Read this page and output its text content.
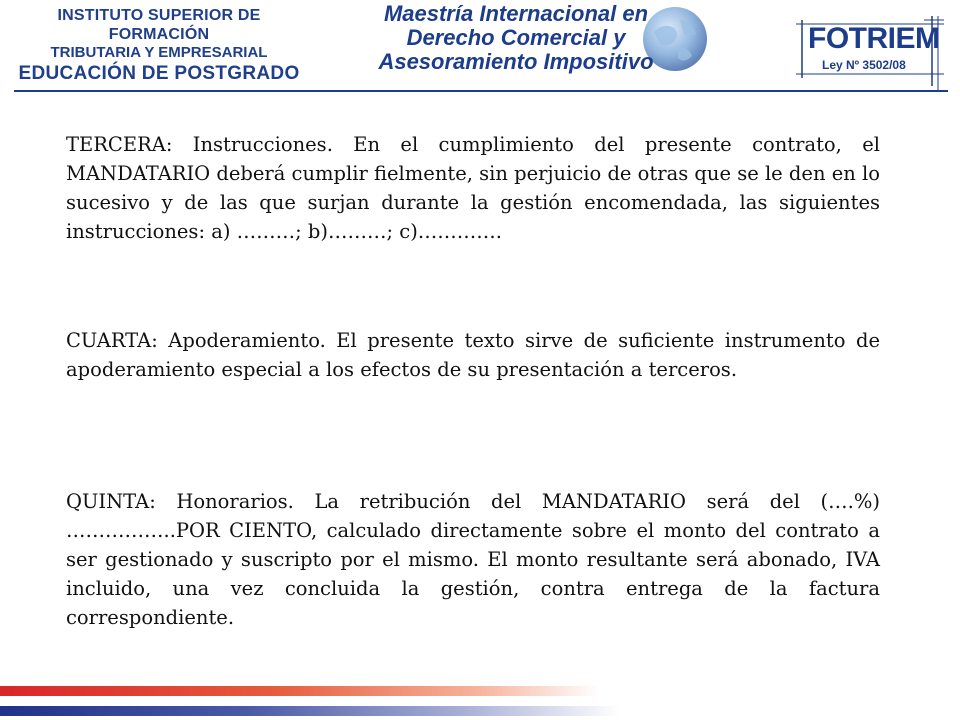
INSTITUTO SUPERIOR DE FORMACIÓN
TRIBUTARIA Y EMPRESARIAL
EDUCACIÓN DE POSTGRADO
Maestría Internacional en
Derecho Comercial y
Asesoramiento Impositivo
FOTRIEM
Ley Nº 3502/08

TERCERA: Instrucciones. En el cumplimiento del presente contrato, el MANDATARIO deberá cumplir fielmente, sin perjuicio de otras que se le den en lo sucesivo y de las que surjan durante la gestión encomendada, las siguientes instrucciones: a) ………; b)………; c)………….

CUARTA: Apoderamiento. El presente texto sirve de suficiente instrumento de apoderamiento especial a los efectos de su presentación a terceros.

QUINTA: Honorarios. La retribución del MANDATARIO será del (….%) ……………..POR CIENTO, calculado directamente sobre el monto del contrato a ser gestionado y suscripto por el mismo. El monto resultante será abonado, IVA incluido, una vez concluida la gestión, contra entrega de la factura correspondiente.
